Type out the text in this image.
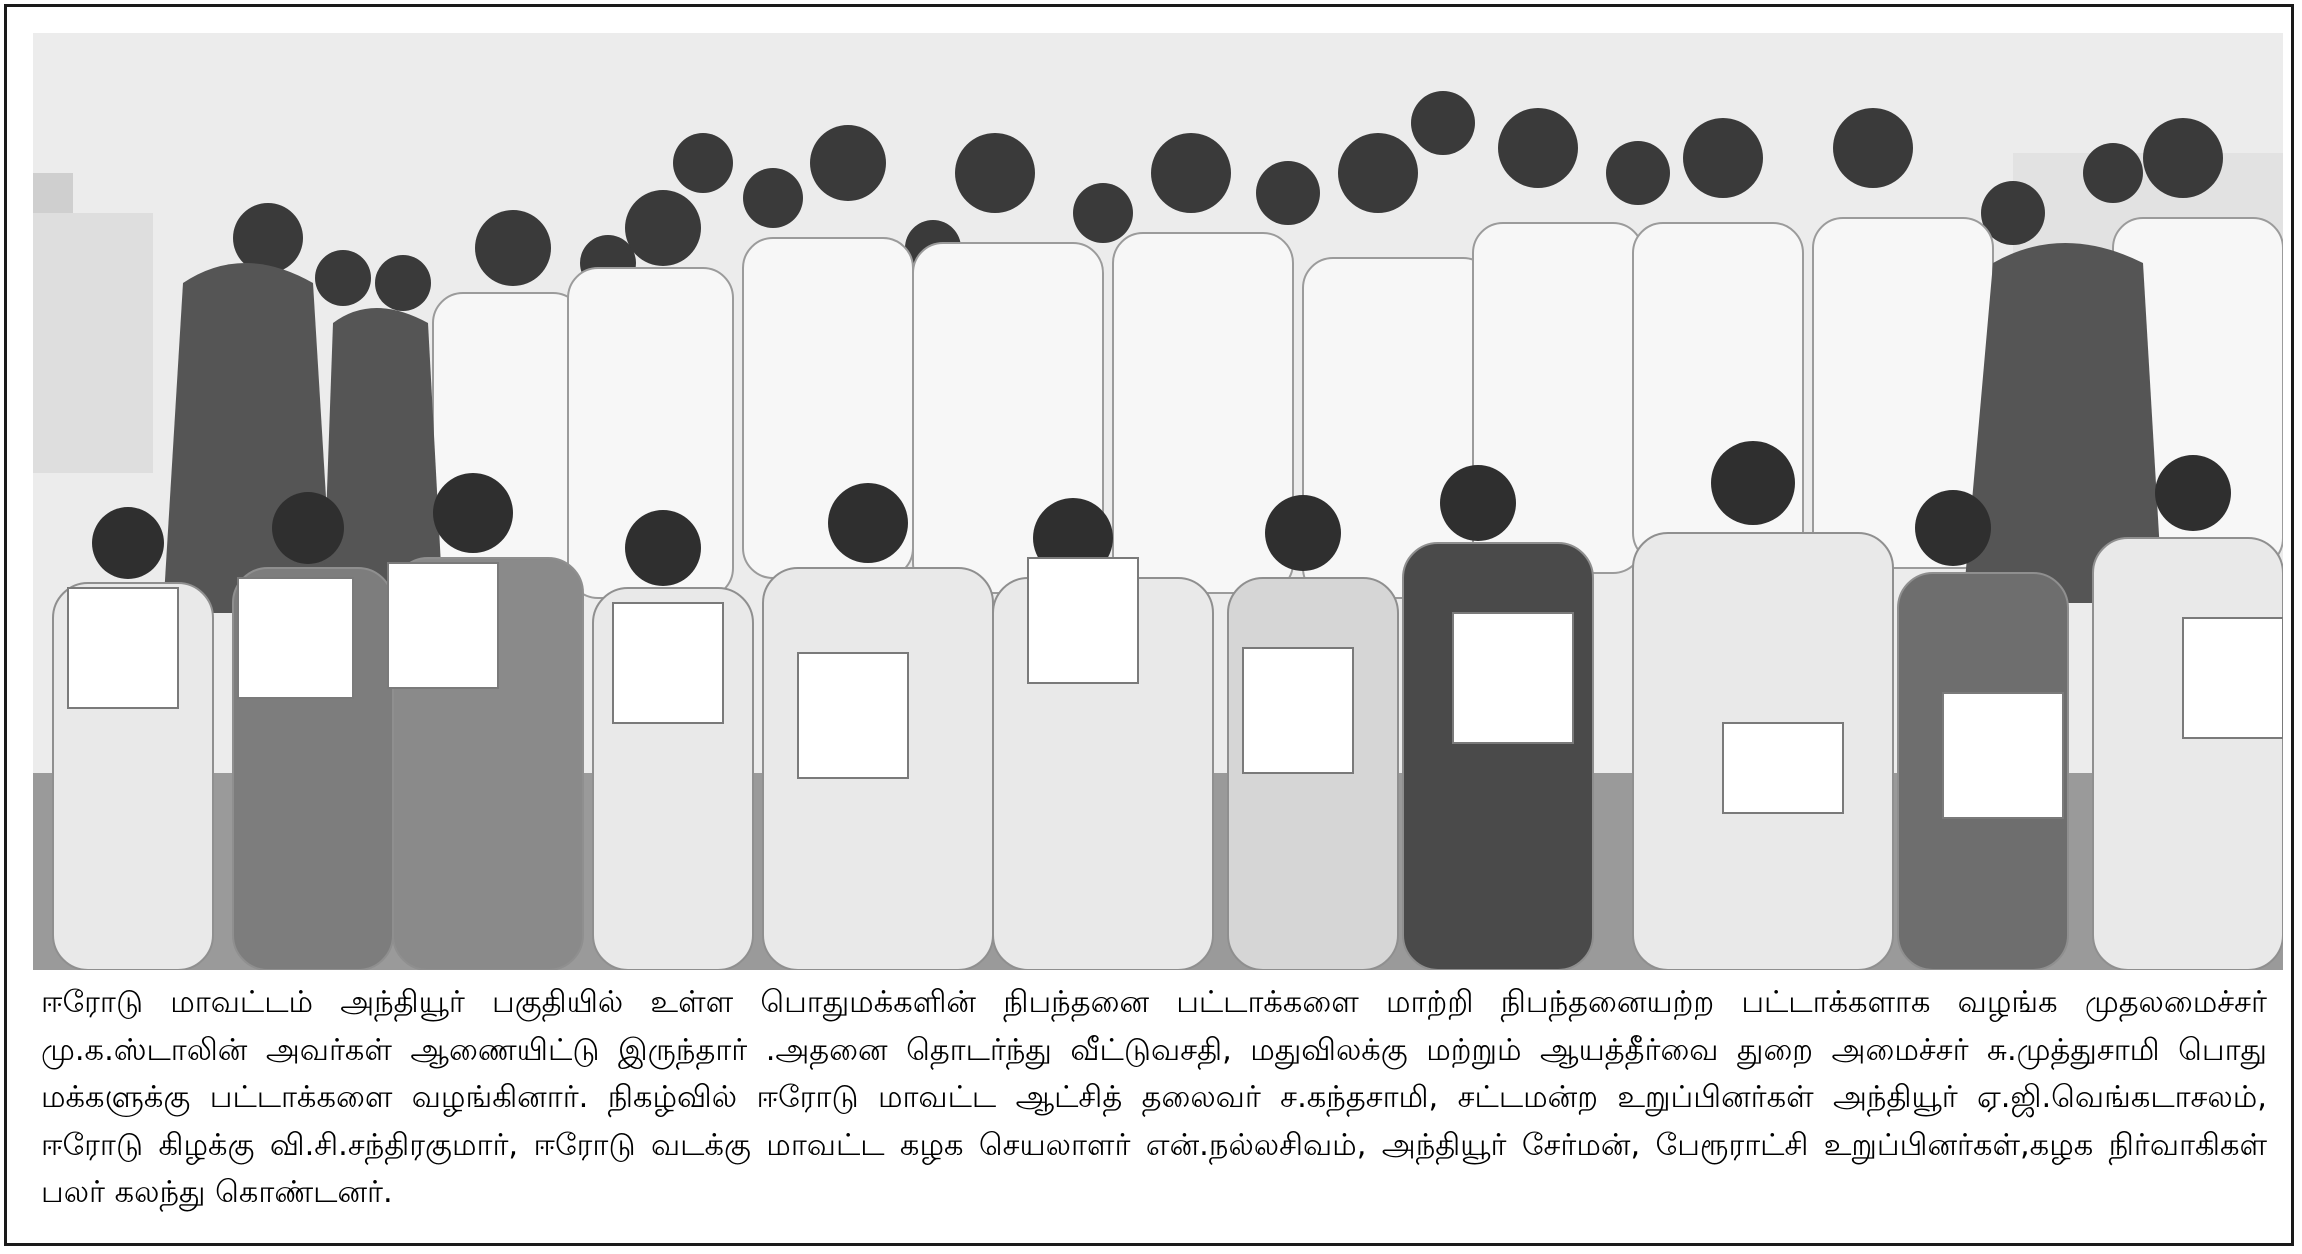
ஈரோடு மாவட்டம் அந்தியூர் பகுதியில் உள்ள பொதுமக்களின் நிபந்தனை பட்டாக்களை மாற்றி நிபந்தனையற்ற பட்டாக்களாக வழங்க முதலமைச்சர்
மு.க.ஸ்டாலின் அவர்கள் ஆணையிட்டு இருந்தார் .அதனை தொடர்ந்து வீட்டுவசதி, மதுவிலக்கு மற்றும் ஆயத்தீர்வை துறை அமைச்சர் சு.முத்துசாமி பொது
மக்களுக்கு பட்டாக்களை வழங்கினார். நிகழ்வில் ஈரோடு மாவட்ட ஆட்சித் தலைவர் ச.கந்தசாமி, சட்டமன்ற உறுப்பினர்கள் அந்தியூர் ஏ.ஜி.வெங்கடாசலம்,
ஈரோடு கிழக்கு வி.சி.சந்திரகுமார், ஈரோடு வடக்கு மாவட்ட கழக செயலாளர் என்.நல்லசிவம், அந்தியூர் சேர்மன், பேரூராட்சி உறுப்பினர்கள்,கழக நிர்வாகிகள்
பலர் கலந்து கொண்டனர்.
